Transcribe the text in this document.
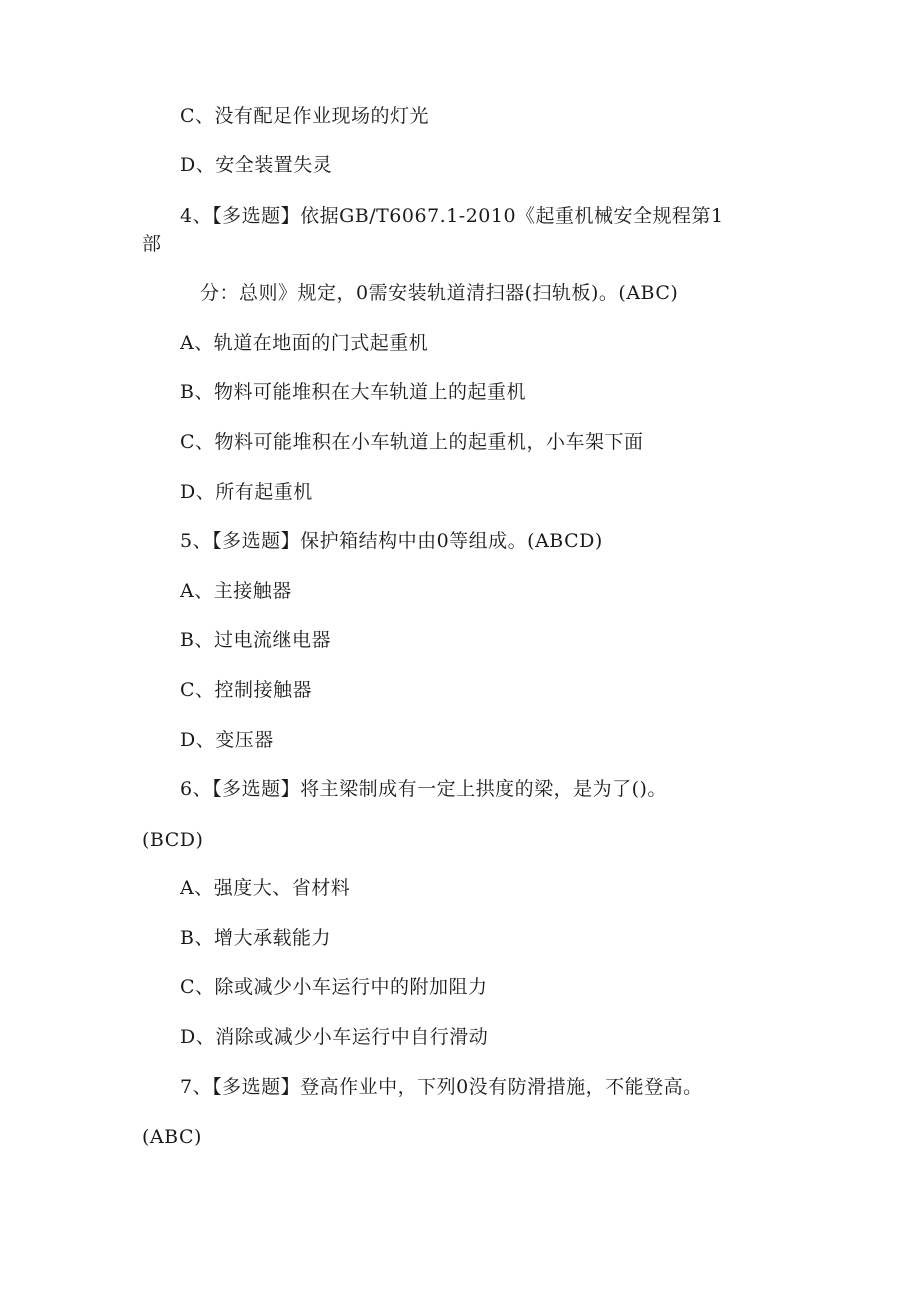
C、没有配足作业现场的灯光
D、安全装置失灵
4、【多选题】依据GB/T6067.1-2010《起重机械安全规程第1
部
分：总则》规定，0需安装轨道清扫器(扫轨板)。(ABC)
A、轨道在地面的门式起重机
B、物料可能堆积在大车轨道上的起重机
C、物料可能堆积在小车轨道上的起重机，小车架下面
D、所有起重机
5、【多选题】保护箱结构中由0等组成。(ABCD)
A、主接触器
B、过电流继电器
C、控制接触器
D、变压器
6、【多选题】将主梁制成有一定上拱度的梁，是为了()。
(BCD)
A、强度大、省材料
B、增大承载能力
C、除或减少小车运行中的附加阻力
D、消除或减少小车运行中自行滑动
7、【多选题】登高作业中，下列0没有防滑措施，不能登高。
(ABC)
